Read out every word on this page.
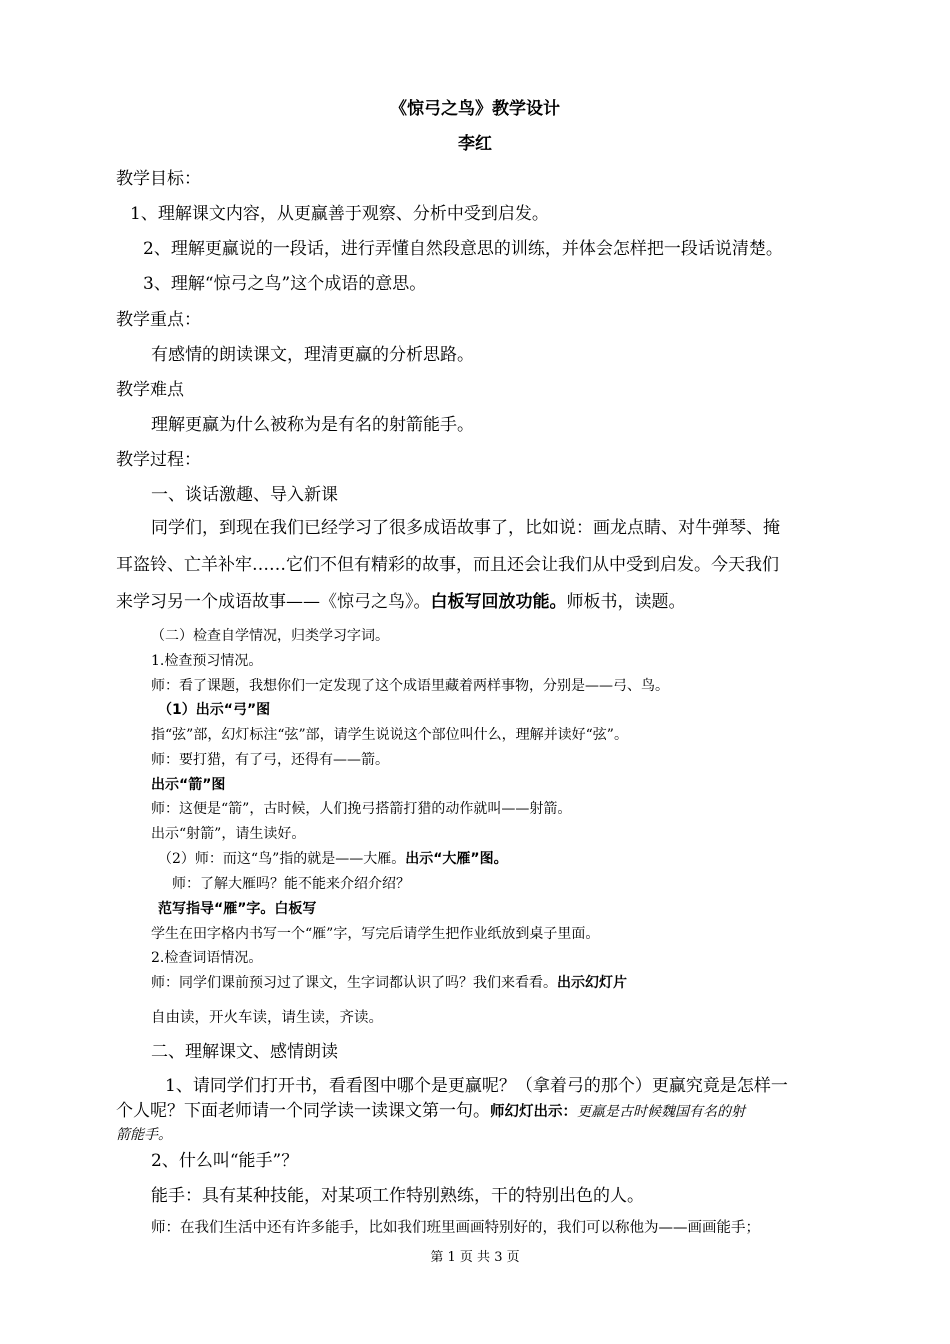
《惊弓之鸟》教学设计
李红
教学目标：
1、理解课文内容，从更赢善于观察、分析中受到启发。
2、理解更赢说的一段话，进行弄懂自然段意思的训练，并体会怎样把一段话说清楚。
3、理解“惊弓之鸟”这个成语的意思。
教学重点：
有感情的朗读课文，理清更赢的分析思路。
教学难点
理解更赢为什么被称为是有名的射箭能手。
教学过程：
一、谈话激趣、导入新课
同学们，到现在我们已经学习了很多成语故事了，比如说：画龙点睛、对牛弹琴、掩
耳盗铃、亡羊补牢……它们不但有精彩的故事，而且还会让我们从中受到启发。今天我们
来学习另一个成语故事——《惊弓之鸟》。白板写回放功能。师板书，读题。
（二）检查自学情况，归类学习字词。
1.检查预习情况。
师：看了课题，我想你们一定发现了这个成语里藏着两样事物，分别是——弓、鸟。
（1）出示“弓”图
指“弦”部，幻灯标注“弦”部，请学生说说这个部位叫什么，理解并读好“弦”。
师：要打猎，有了弓，还得有——箭。
出示“箭”图
师：这便是“箭”，古时候，人们挽弓搭箭打猎的动作就叫——射箭。
出示“射箭”，请生读好。
（2）师：而这“鸟”指的就是——大雁。出示“大雁”图。
师：了解大雁吗？能不能来介绍介绍？
范写指导“雁”字。白板写
学生在田字格内书写一个“雁”字，写完后请学生把作业纸放到桌子里面。
2.检查词语情况。
师：同学们课前预习过了课文，生字词都认识了吗？我们来看看。出示幻灯片
自由读，开火车读，请生读，齐读。
二、理解课文、感情朗读
1、请同学们打开书，看看图中哪个是更赢呢？（拿着弓的那个）更赢究竟是怎样一
个人呢？下面老师请一个同学读一读课文第一句。师幻灯出示：更羸是古时候魏国有名的射
箭能手。
2、什么叫“能手”？
能手：具有某种技能，对某项工作特别熟练，干的特别出色的人。
师：在我们生活中还有许多能手，比如我们班里画画特别好的，我们可以称他为——画画能手；
第 1 页 共 3 页
